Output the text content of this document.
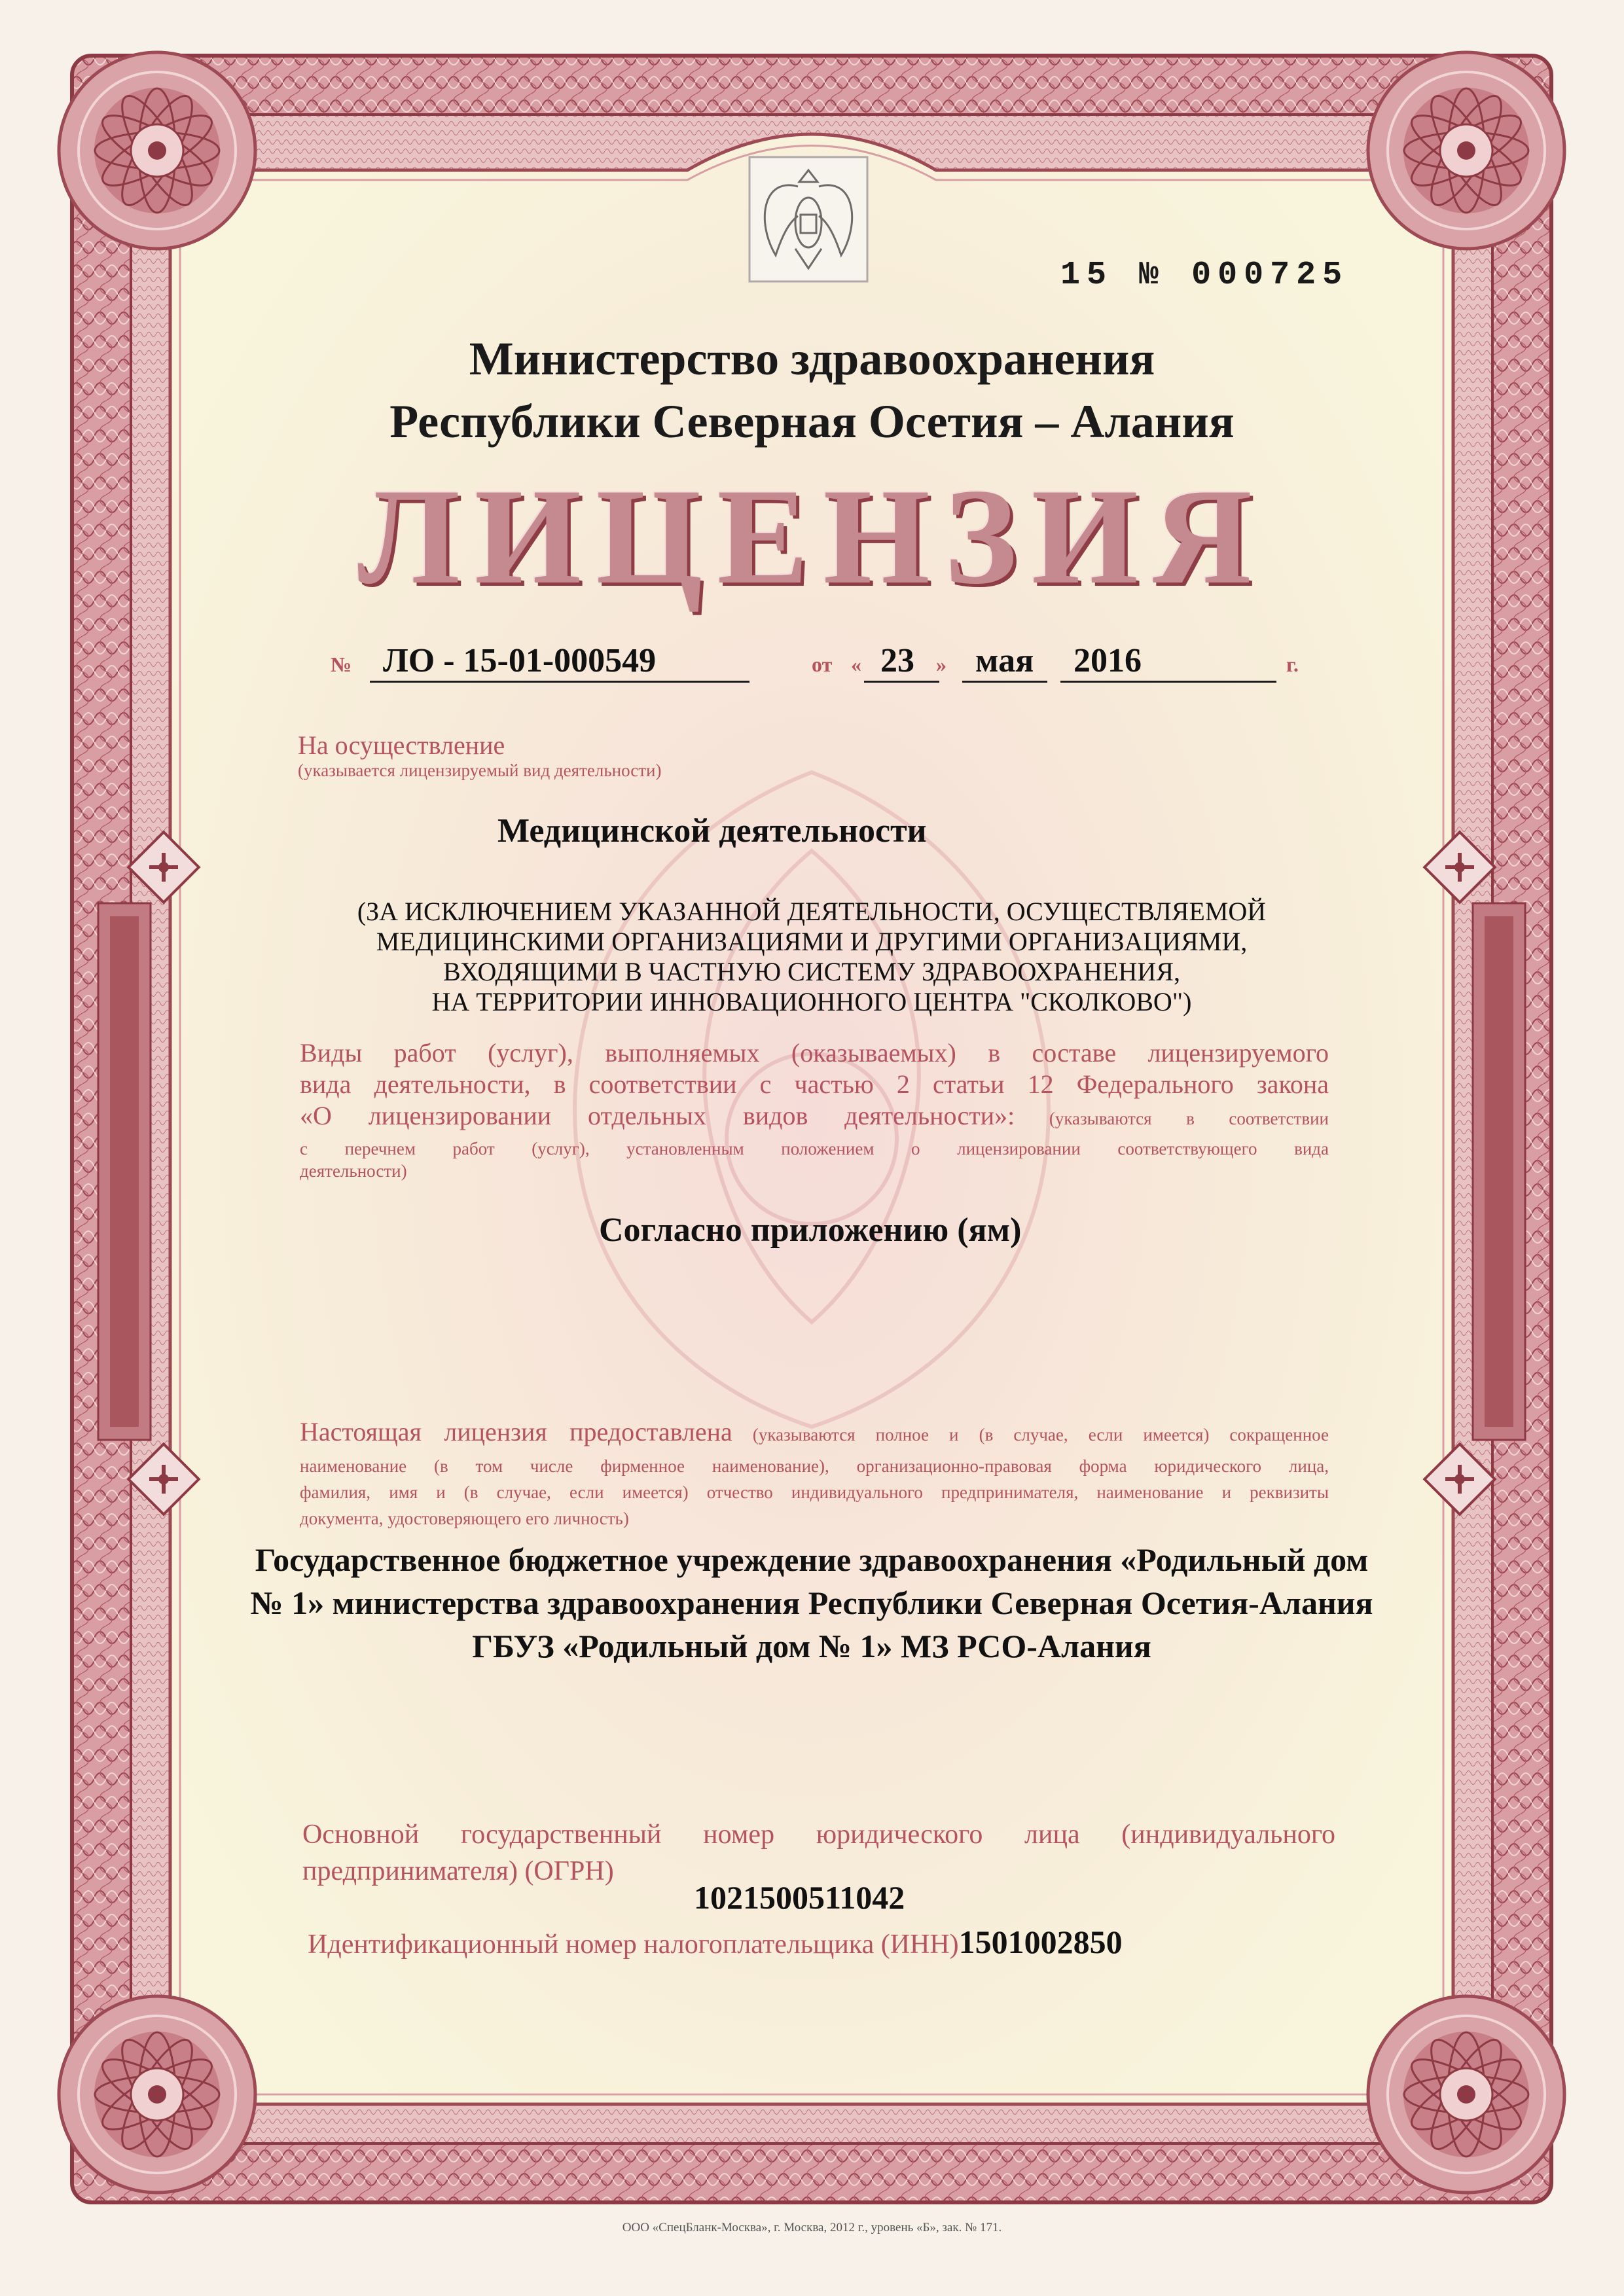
15 № 000725
Министерство здравоохранения
Республики Северная Осетия – Алания
ЛИЦЕНЗИЯ
№ ЛО - 15-01-000549	от « 23 » мая 2016	г.
На осуществление
(указывается лицензируемый вид деятельности)
Медицинской деятельности
(ЗА ИСКЛЮЧЕНИЕМ УКАЗАННОЙ ДЕЯТЕЛЬНОСТИ, ОСУЩЕСТВЛЯЕМОЙ
МЕДИЦИНСКИМИ ОРГАНИЗАЦИЯМИ И ДРУГИМИ ОРГАНИЗАЦИЯМИ,
ВХОДЯЩИМИ В ЧАСТНУЮ СИСТЕМУ ЗДРАВООХРАНЕНИЯ,
НА ТЕРРИТОРИИ ИННОВАЦИОННОГО ЦЕНТРА "СКОЛКОВО")
Виды работ (услуг), выполняемых (оказываемых) в составе лицензируемого
вида деятельности, в соответствии с частью 2 статьи 12 Федерального закона
«О лицензировании отдельных видов деятельности»: (указываются в соответствии
с перечнем работ (услуг), установленным положением о лицензировании соответствующего вида
деятельности)
Согласно приложению (ям)
Настоящая лицензия предоставлена (указываются полное и (в случае, если имеется) сокращенное
наименование (в том числе фирменное наименование), организационно-правовая форма юридического лица,
фамилия, имя и (в случае, если имеется) отчество индивидуального предпринимателя, наименование и реквизиты
документа, удостоверяющего его личность)
Государственное бюджетное учреждение здравоохранения «Родильный дом
№ 1» министерства здравоохранения Республики Северная Осетия-Алания
ГБУЗ «Родильный дом № 1» МЗ РСО-Алания
Основной государственный номер юридического лица (индивидуального
предпринимателя) (ОГРН)
1021500511042
Идентификационный номер налогоплательщика (ИНН)1501002850
ООО «СпецБланк-Москва», г. Москва, 2012 г., уровень «Б», зак. № 171.
